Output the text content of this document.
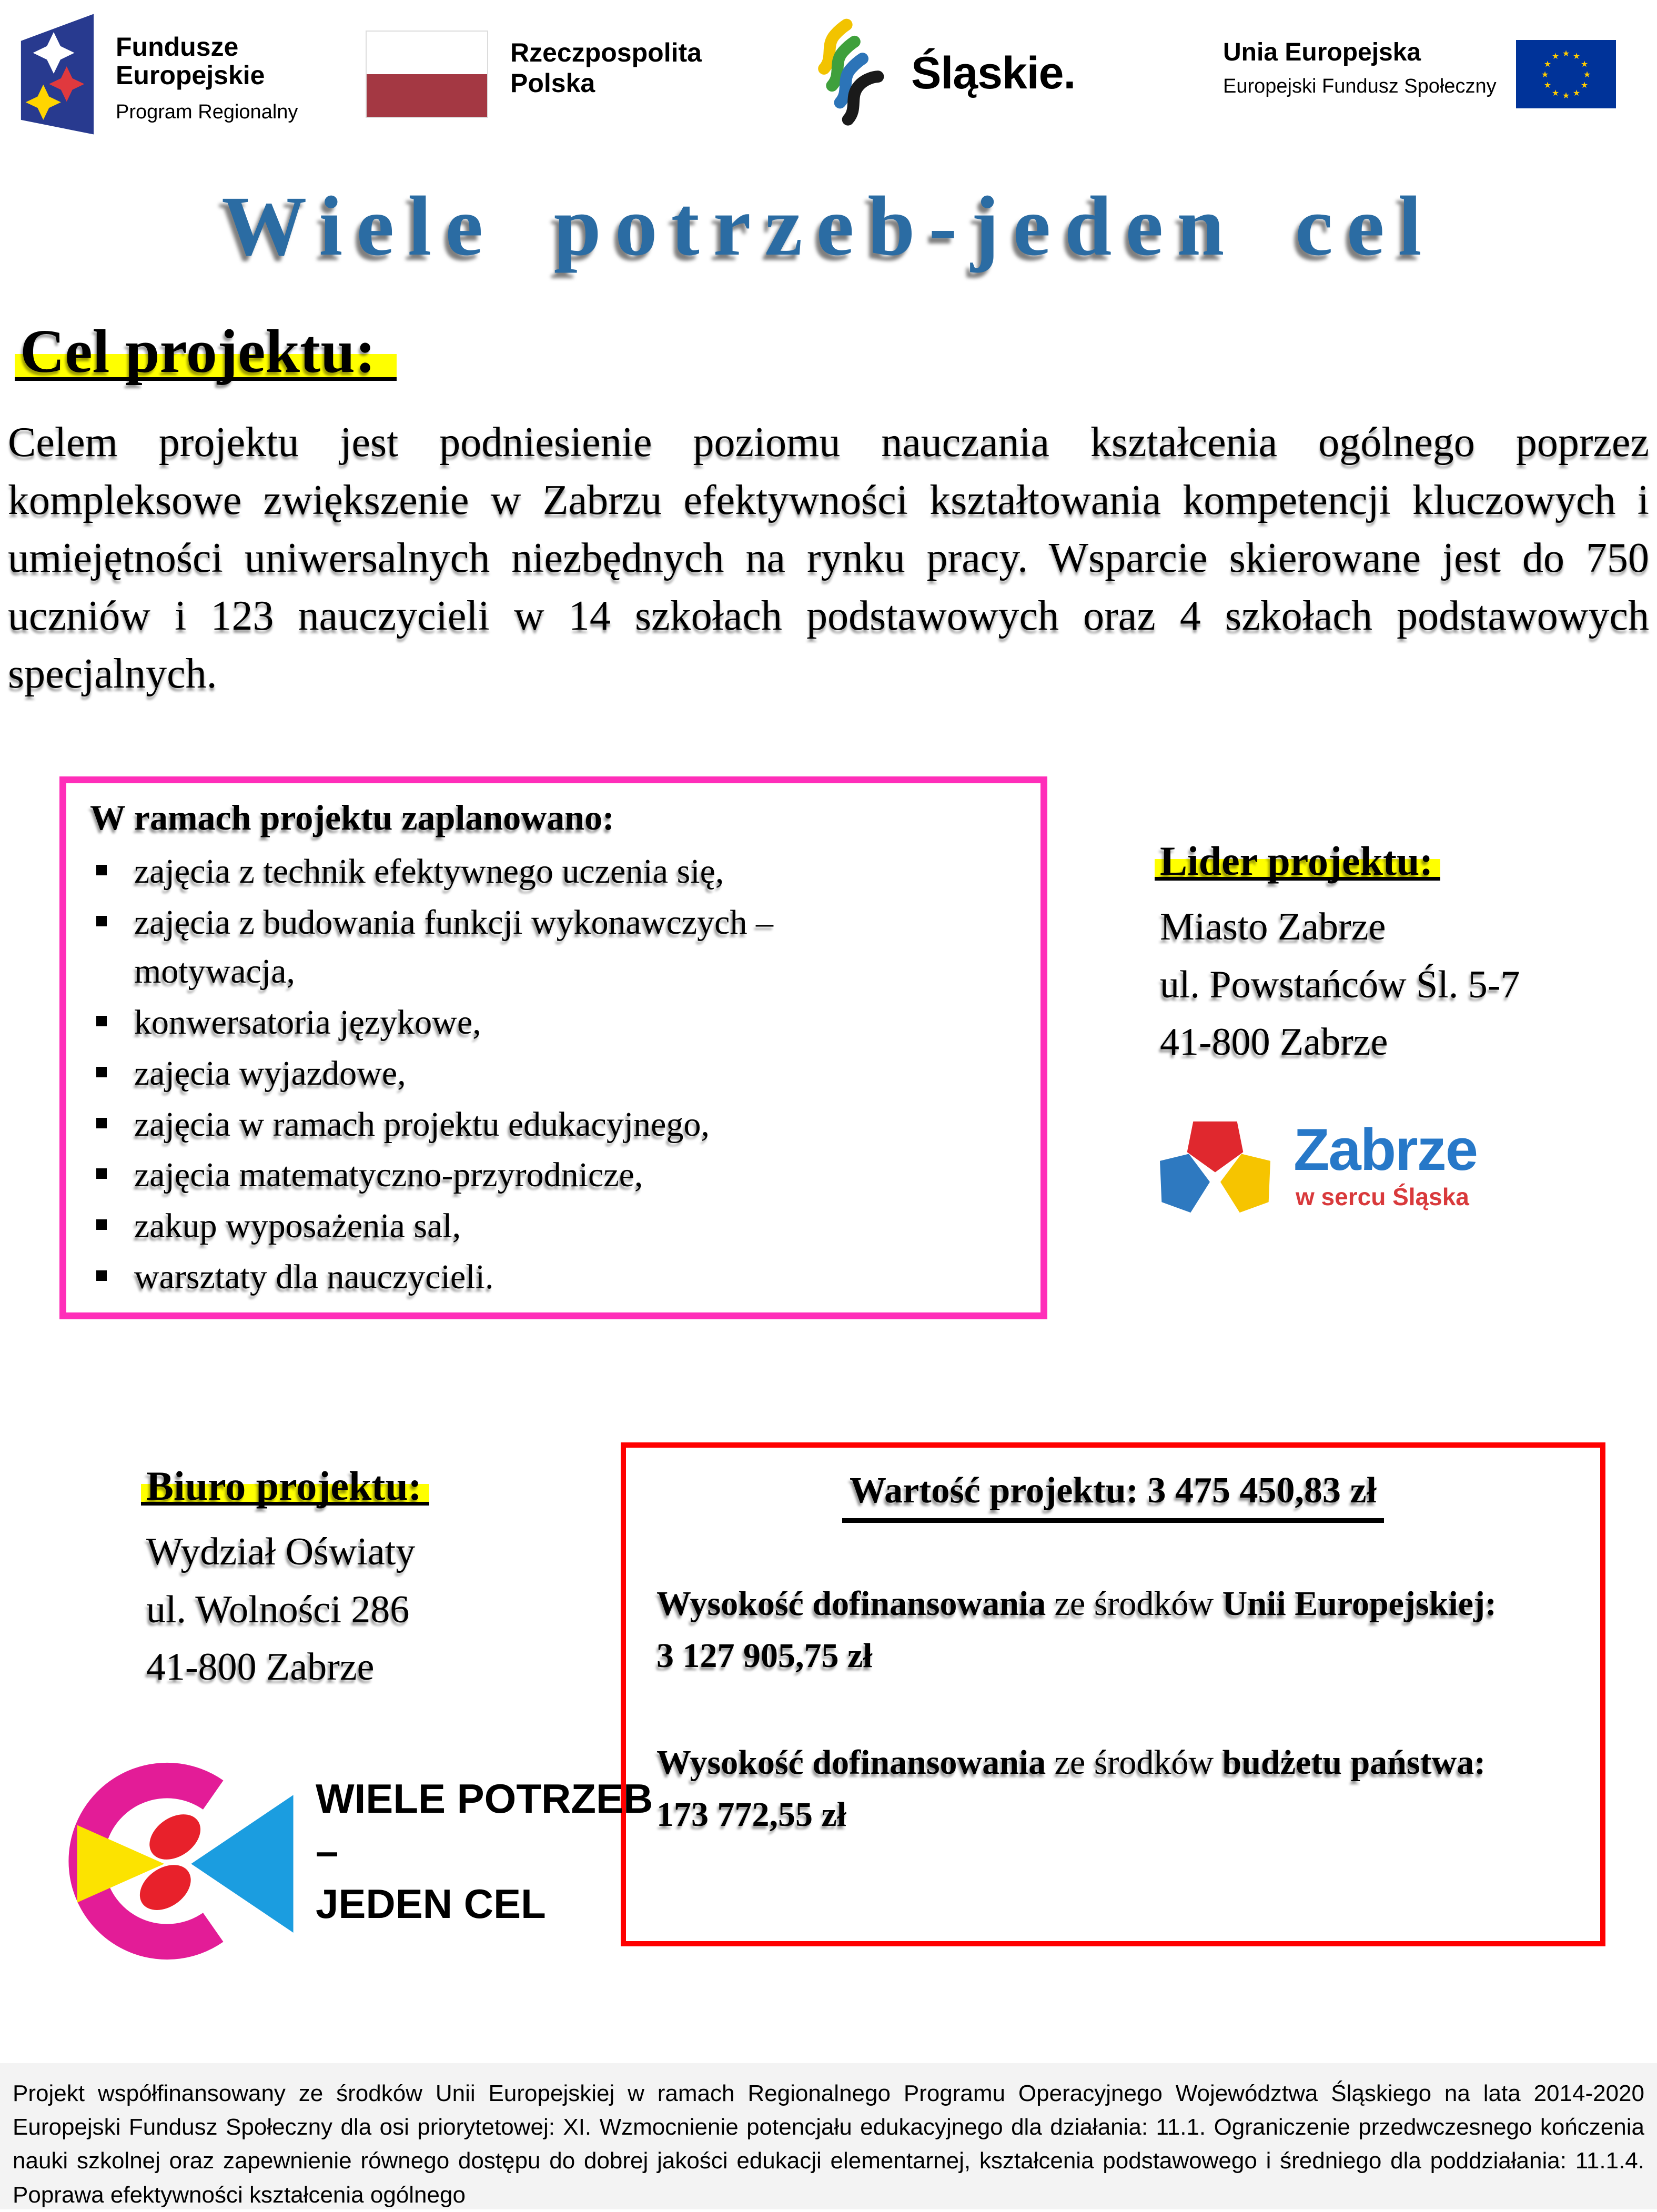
Fundusze
Europejskie
Program Regionalny
Rzeczpospolita
Polska	Śląskie.	Unia Europejska
Europejski Fundusz Społeczny
★ ★
★
★
★
★
★
★
★
★
★
★
Wiele potrzeb-jeden cel
Cel projektu:
Celem projektu jest podniesienie poziomu nauczania kształcenia ogólnego poprzez kompleksowe zwiększenie w Zabrzu efektywności kształtowania kompetencji kluczowych i umiejętności uniwersalnych niezbędnych na rynku pracy. Wsparcie skierowane jest do 750 uczniów i 123 nauczycieli w 14 szkołach podstawowych oraz 4 szkołach podstawowych specjalnych.
W ramach projektu zaplanowano:
zajęcia z technik efektywnego uczenia się,
zajęcia z budowania funkcji wykonawczych – motywacja,
konwersatoria językowe,
zajęcia wyjazdowe,
zajęcia w ramach projektu edukacyjnego,
zajęcia matematyczno-przyrodnicze,
zakup wyposażenia sal,
warsztaty dla nauczycieli.
Lider projektu:
Miasto Zabrze
ul. Powstańców Śl. 5-7
41-800 Zabrze
Zabrze
w sercu Śląska
Biuro projektu:
Wydział Oświaty
ul. Wolności 286
41-800 Zabrze
Wartość projektu: 3 475 450,83 zł
Wysokość dofinansowania ze środków Unii Europejskiej:
3 127 905,75 zł
Wysokość dofinansowania ze środków budżetu państwa:
173 772,55 zł
WIELE POTRZEB
–
JEDEN CEL
Projekt współfinansowany ze środków Unii Europejskiej w ramach Regionalnego Programu Operacyjnego Województwa Śląskiego na lata 2014-2020 Europejski Fundusz Społeczny dla osi priorytetowej: XI. Wzmocnienie potencjału edukacyjnego dla działania: 11.1. Ograniczenie przedwczesnego kończenia nauki szkolnej oraz zapewnienie równego dostępu do dobrej jakości edukacji elementarnej, kształcenia podstawowego i średniego dla poddziałania: 11.1.4. Poprawa efektywności kształcenia ogólnego
